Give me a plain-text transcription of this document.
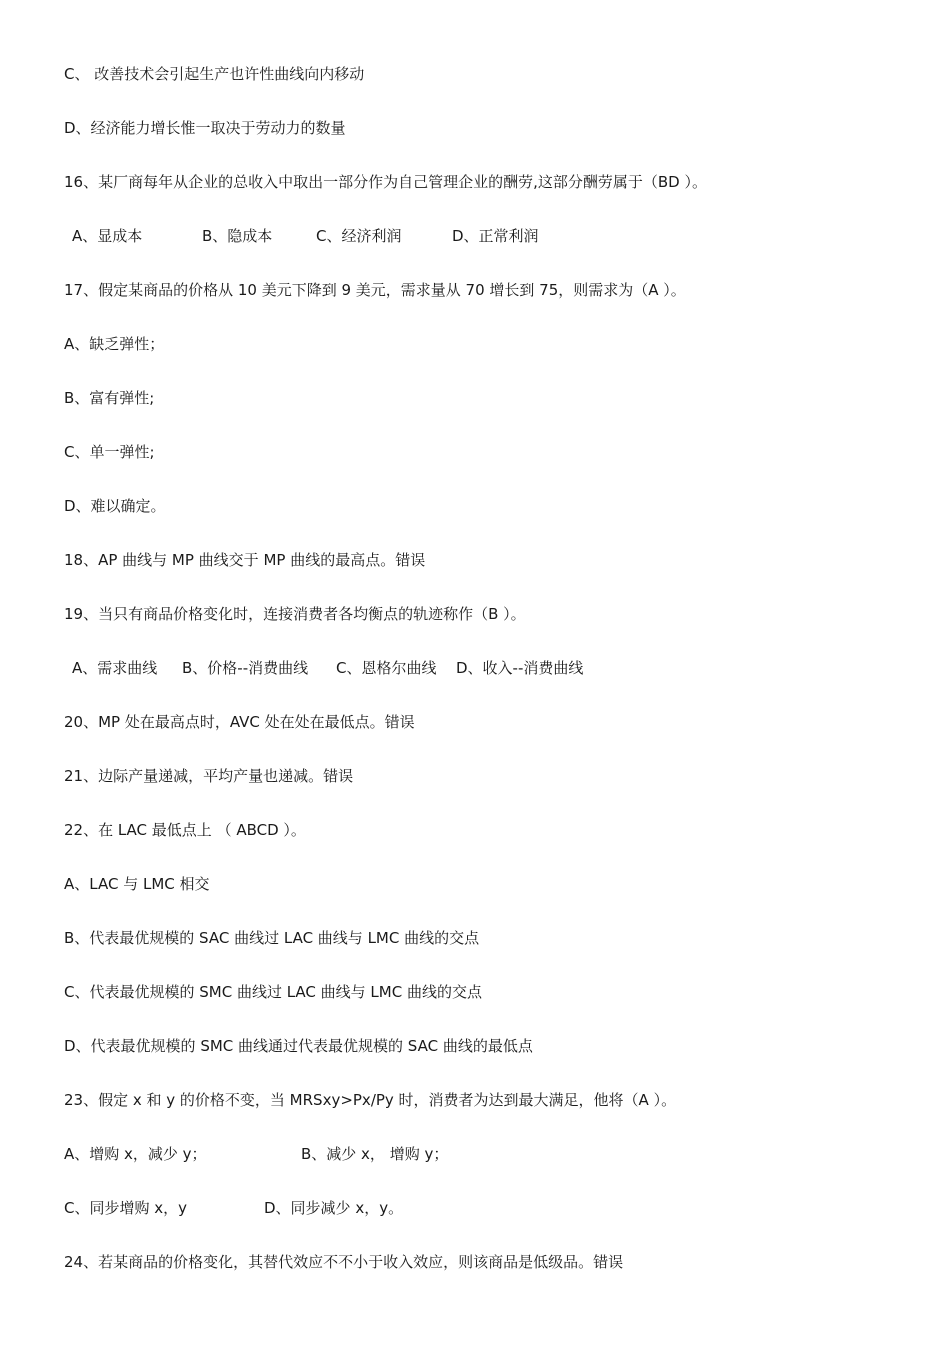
C、 改善技术会引起生产也许性曲线向内移动
D、经济能力增长惟一取决于劳动力的数量
16、某厂商每年从企业的总收入中取出一部分作为自己管理企业的酬劳,这部分酬劳属于（BD ）。

A、显成本

	B、隐成本

	C、经济利润

	D、正常利润

17、假定某商品的价格从 10 美元下降到 9 美元，需求量从 70 增长到 75，则需求为（A ）。
A、缺乏弹性；
B、富有弹性;
C、单一弹性;
D、难以确定。
18、AP 曲线与 MP 曲线交于 MP 曲线的最高点。错误
19、当只有商品价格变化时，连接消费者各均衡点的轨迹称作（B ）。

A、需求曲线

B、价格--消费曲线

C、恩格尔曲线

D、收入--消费曲线

20、MP 处在最高点时，AVC 处在处在最低点。错误
21、边际产量递减，平均产量也递减。错误
22、在 LAC 最低点上 （ ABCD ）。
A、LAC 与 LMC 相交
B、代表最优规模的 SAC 曲线过 LAC 曲线与 LMC 曲线的交点
C、代表最优规模的 SMC 曲线过 LAC 曲线与 LMC 曲线的交点
D、代表最优规模的 SMC 曲线通过代表最优规模的 SAC 曲线的最低点
23、假定 x 和 y 的价格不变，当 MRSxy>Px/Py 时，消费者为达到最大满足，他将（A ）。

A、增购 x，减少 y；

	B、减少 x， 增购 y；

C、同步增购 x，y

	D、同步减少 x，y。

24、若某商品的价格变化，其替代效应不不小于收入效应，则该商品是低级品。错误
